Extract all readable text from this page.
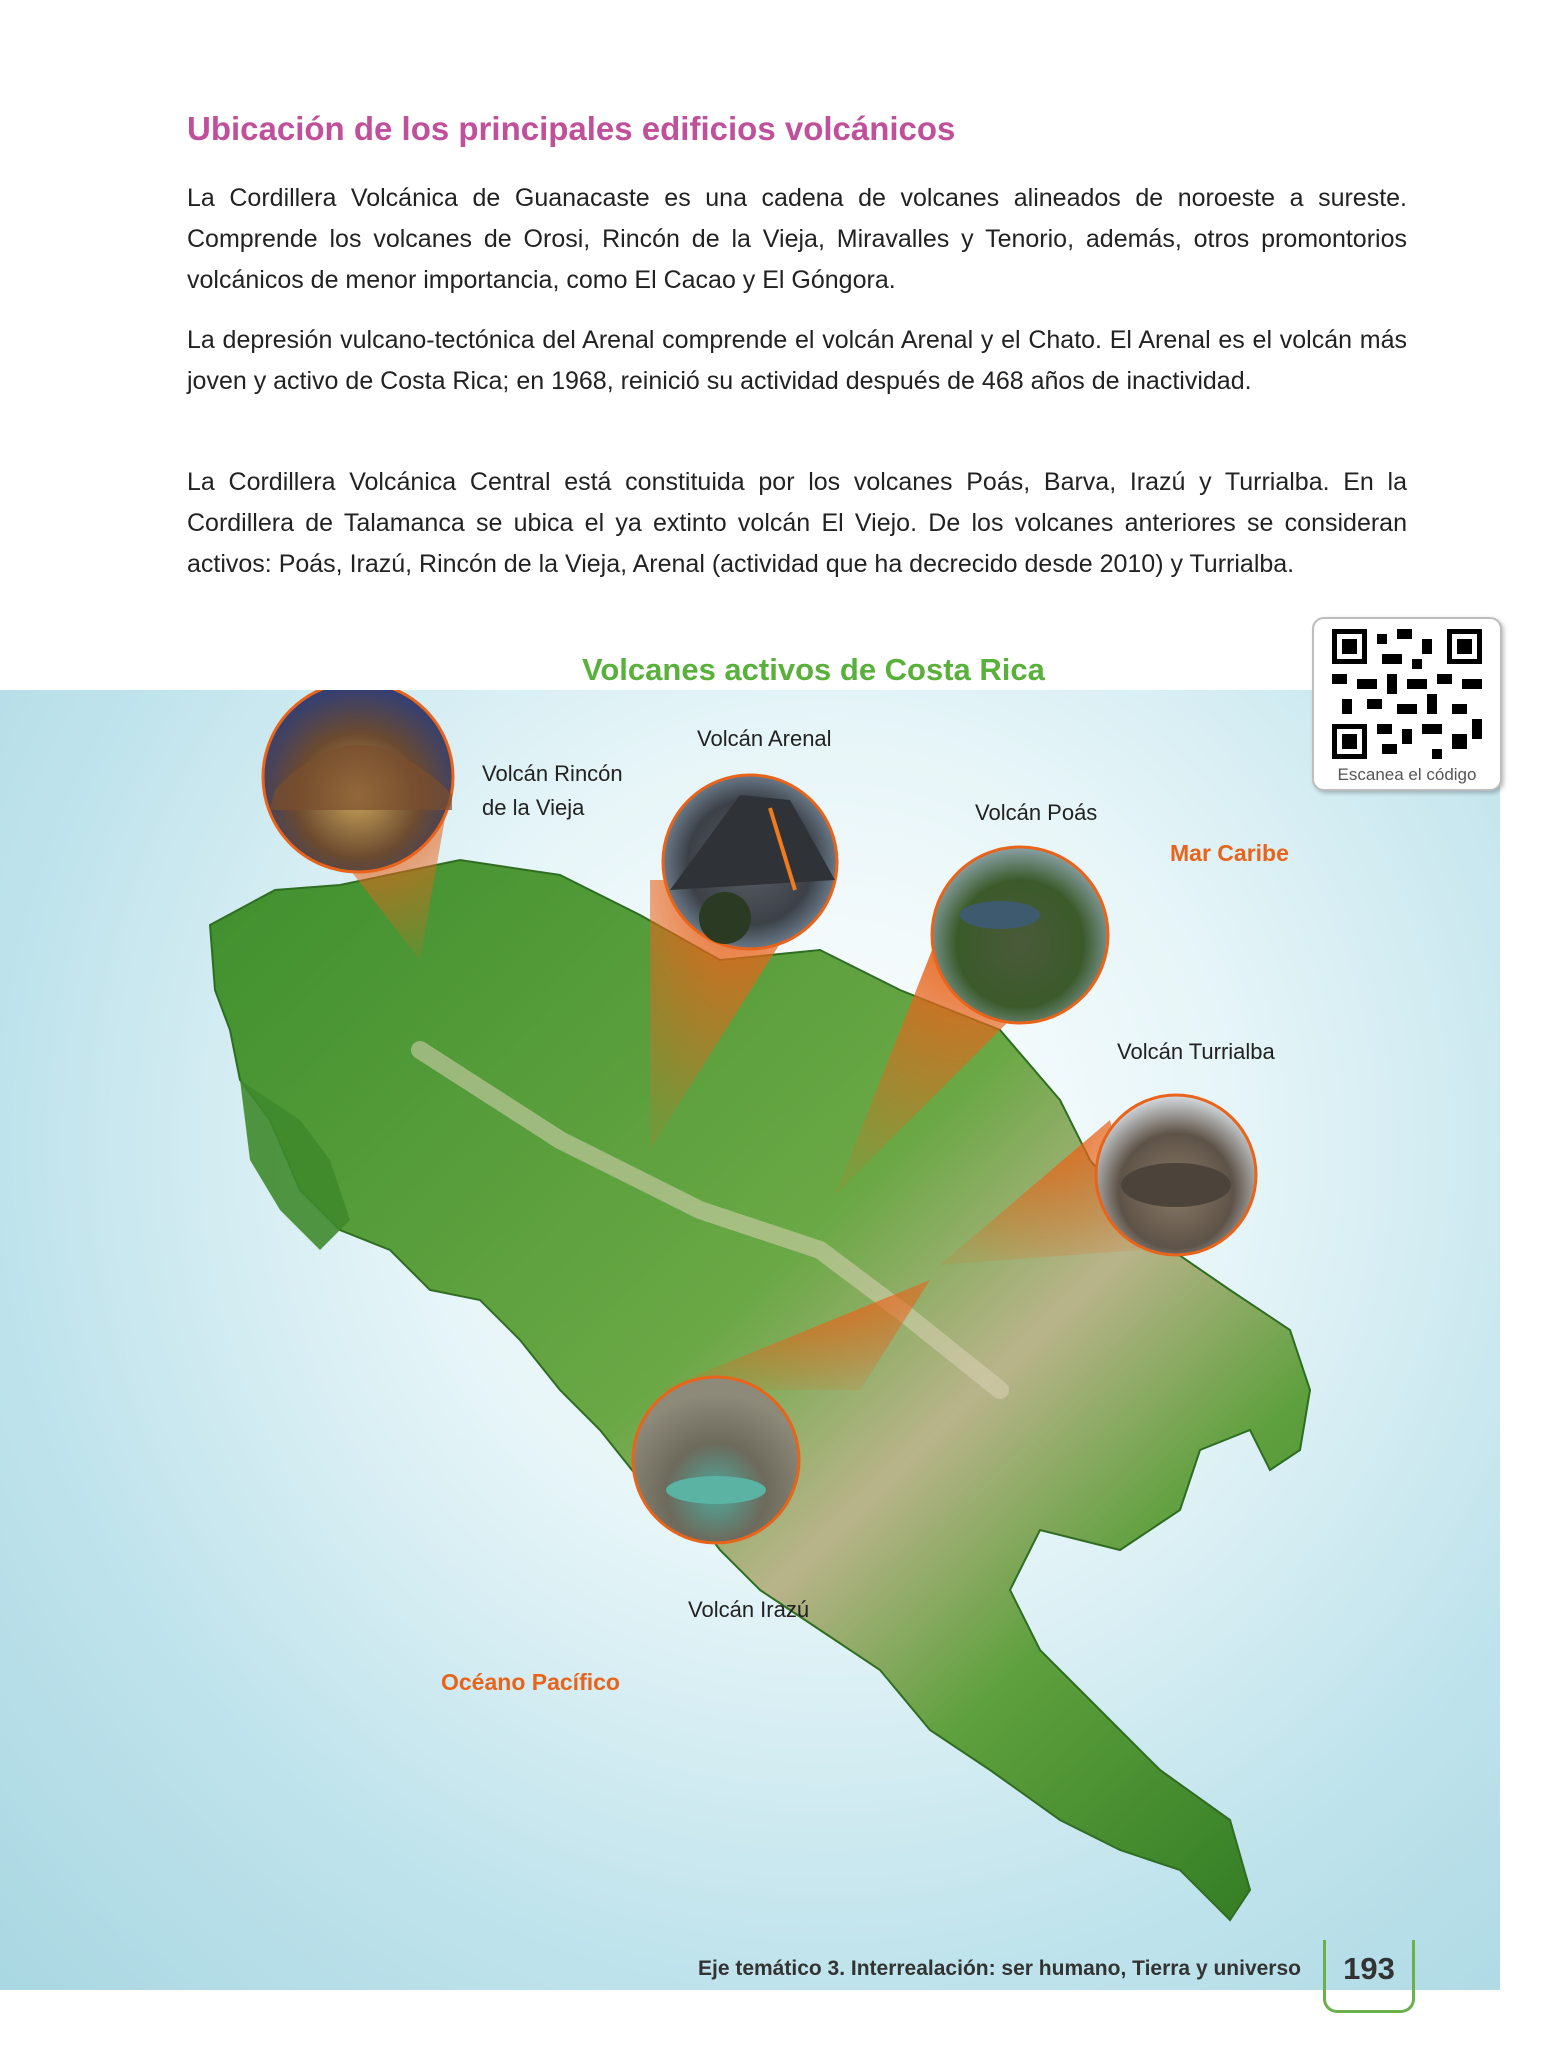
Ubicación de los principales edificios volcánicos

La Cordillera Volcánica de Guanacaste es una cadena de volcanes alineados de noroeste a sureste. Comprende los volcanes de Orosi, Rincón de la Vieja, Miravalles y Tenorio, además, otros promontorios volcánicos de menor importancia, como El Cacao y El Góngora.

La depresión vulcano-tectónica del Arenal comprende el volcán Arenal y el Chato. El Arenal es el volcán más joven y activo de Costa Rica; en 1968, reinició su actividad después de 468 años de inactividad.

La Cordillera Volcánica Central está constituida por los volcanes Poás, Barva, Irazú y Turrialba. En la Cordillera de Talamanca se ubica el ya extinto volcán El Viejo. De los volcanes anteriores se consideran activos: Poás, Irazú, Rincón de la Vieja, Arenal (actividad que ha decrecido desde 2010) y Turrialba.

Volcanes activos de Costa Rica
Volcán Rincón
de la Vieja
Volcán Arenal
Volcán Poás
Volcán Turrialba
Volcán Irazú
Mar Caribe
Océano Pacífico
Escanea el código
Eje temático 3. Interrealación: ser humano, Tierra y universo	193
